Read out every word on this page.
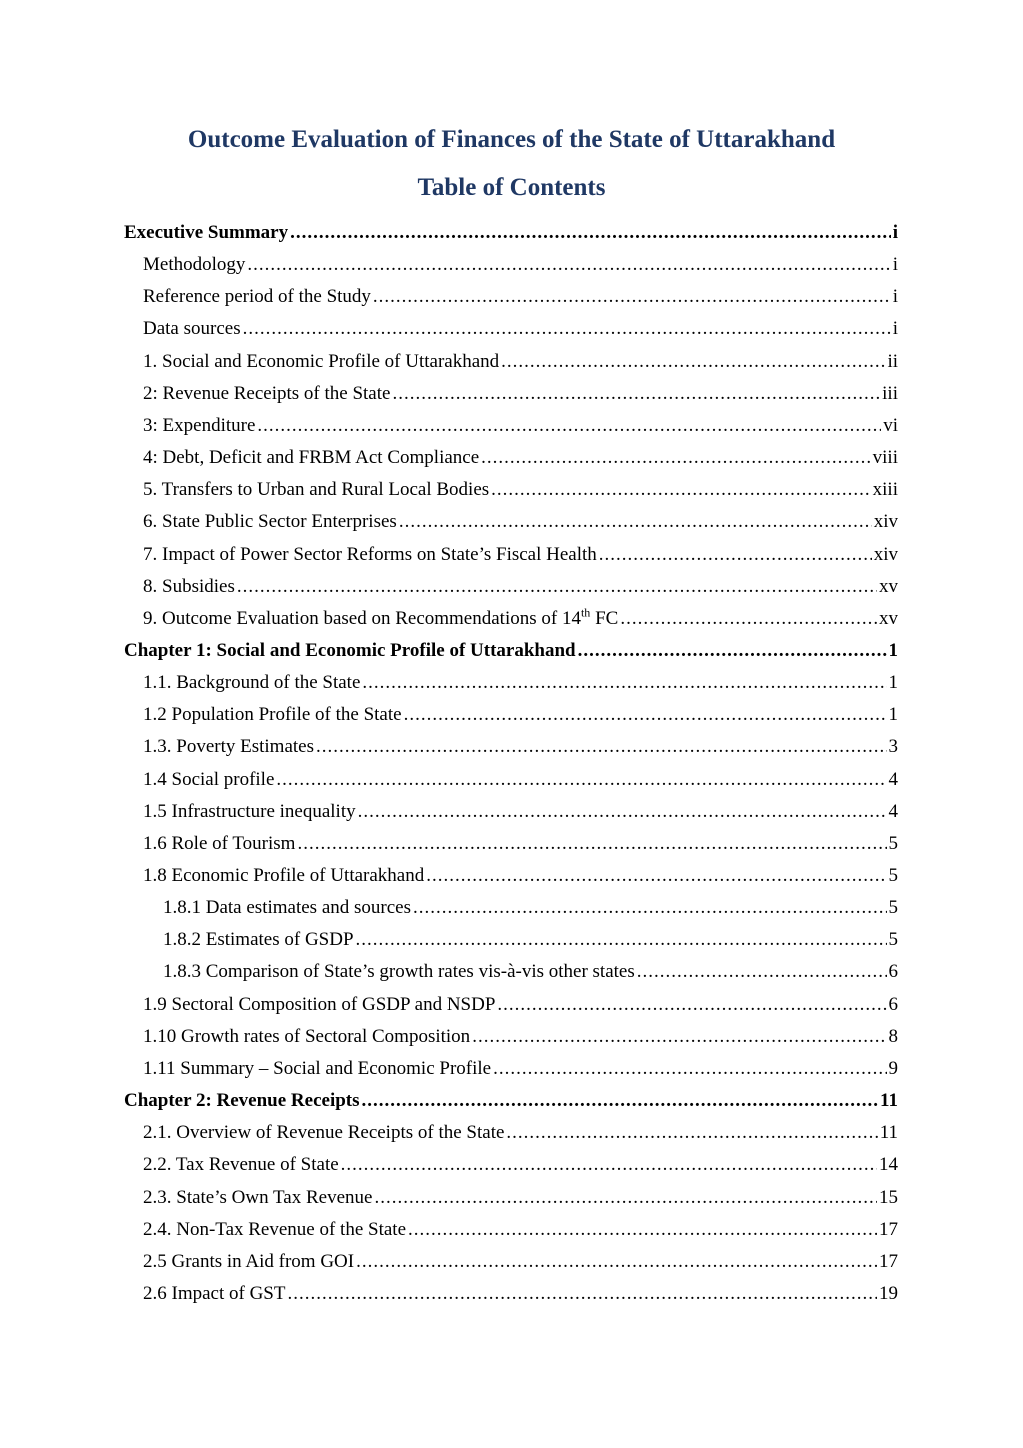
Outcome Evaluation of Finances of the State of Uttarakhand
Table of Contents
Executive Summary .....	i
Methodology .....	i
Reference period of the Study .....	i
Data sources .....	i
1. Social and Economic Profile of Uttarakhand .....	ii
2: Revenue Receipts of the State .....	iii
3: Expenditure .....	vi
4: Debt, Deficit and FRBM Act Compliance .....	viii
5. Transfers to Urban and Rural Local Bodies .....	xiii
6. State Public Sector Enterprises .....	xiv
7. Impact of Power Sector Reforms on State’s Fiscal Health .....	xiv
8. Subsidies .....	xv
9. Outcome Evaluation based on Recommendations of 14th FC .....	xv
Chapter 1: Social and Economic Profile of Uttarakhand .....	1
1.1. Background of the State .....	1
1.2 Population Profile of the State .....	1
1.3. Poverty Estimates .....	3
1.4 Social profile .....	4
1.5 Infrastructure inequality .....	4
1.6 Role of Tourism .....	5
1.8 Economic Profile of Uttarakhand .....	5
1.8.1 Data estimates and sources .....	5
1.8.2 Estimates of GSDP .....	5
1.8.3 Comparison of State’s growth rates vis-à-vis other states .....	6
1.9 Sectoral Composition of GSDP and NSDP .....	6
1.10 Growth rates of Sectoral Composition .....	8
1.11 Summary – Social and Economic Profile .....	9
Chapter 2: Revenue Receipts .....	11
2.1. Overview of Revenue Receipts of the State .....	11
2.2. Tax Revenue of State .....	14
2.3. State’s Own Tax Revenue .....	15
2.4. Non-Tax Revenue of the State .....	17
2.5 Grants in Aid from GOI .....	17
2.6 Impact of GST .....	19
